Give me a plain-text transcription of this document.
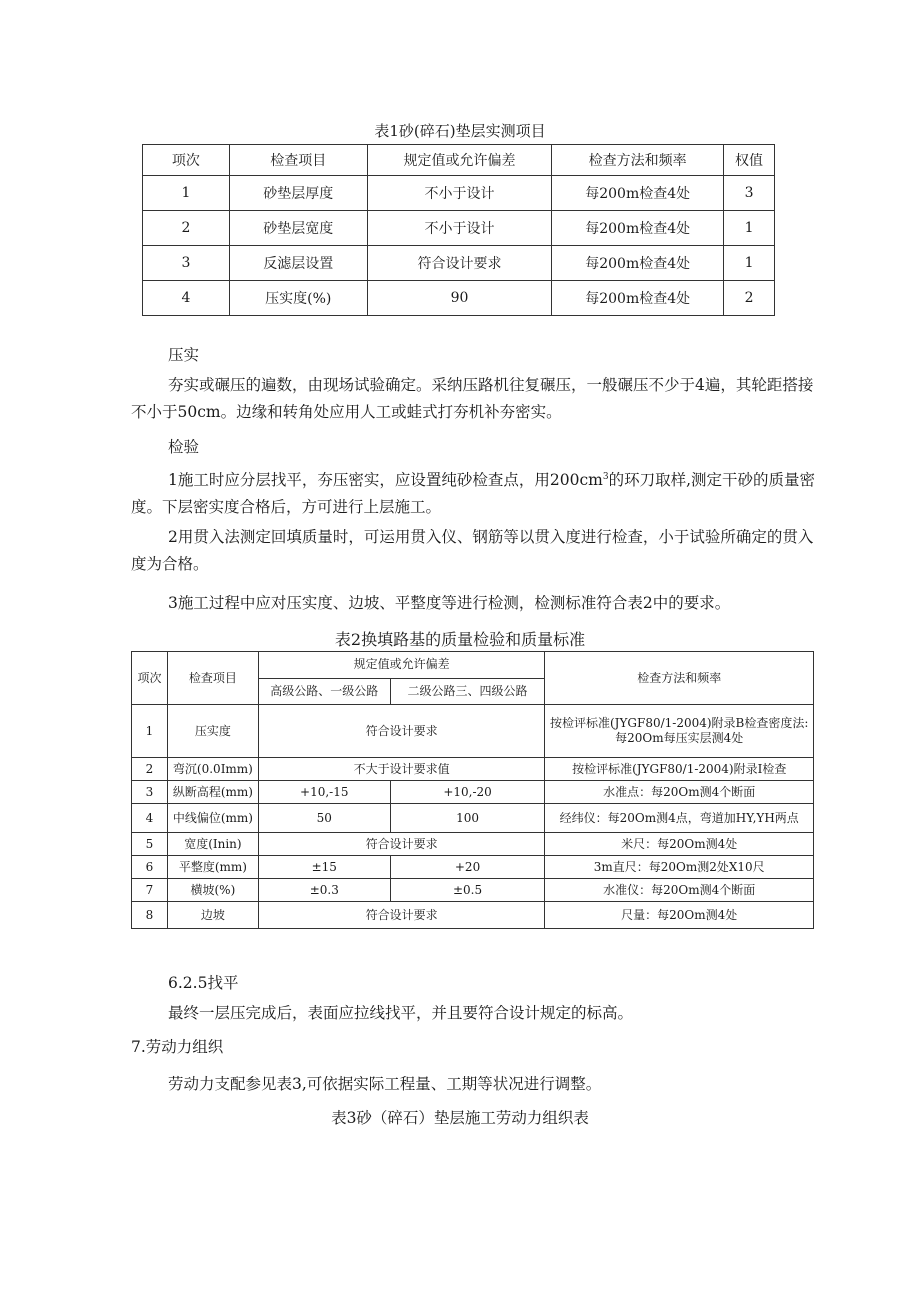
表1砂(碎石)垫层实测项目
项次	检查项目	规定值或允许偏差	检查方法和频率	权值
1	砂垫层厚度	不小于设计	每200m检查4处	3
2	砂垫层宽度	不小于设计	每200m检查4处	1
3	反滤层设置	符合设计要求	每200m检查4处	1
4	压实度(%)	90	每200m检查4处	2
压实
夯实或碾压的遍数，由现场试验确定。采纳压路机往复碾压，一般碾压不少于4遍，其轮距搭接不小于50cm。边缘和转角处应用人工或蛙式打夯机补夯密实。
检验
1施工时应分层找平，夯压密实，应设置纯砂检查点，用$200cm^3$的环刀取样,测定干砂的质量密度。下层密实度合格后，方可进行上层施工。
2用贯入法测定回填质量时，可运用贯入仪、钢筋等以贯入度进行检查，小于试验所确定的贯入度为合格。
3施工过程中应对压实度、边坡、平整度等进行检测，检测标准符合表2中的要求。
表2换填路基的质量检验和质量标准
项次	检查项目	规定值或允许偏差		检查方法和频率
		高级公路、一级公路	二级公路三、四级公路	
1	压实度	符合设计要求		按检评标准(JYGF80/1-2004)附录B检查密度法:每20Om每压实层测4处
2	弯沉(0.0Imm)	不大于设计要求值		按检评标准(JYGF80/1-2004)附录I检查
3	纵断高程(mm)	+10,-15	+10,-20	水准点：每20Om测4个断面
4	中线偏位(mm)	50	100	经纬仪：每20Om测4点，弯道加HY,YH两点
5	宽度(Inin)	符合设计要求		米尺：每20Om测4处
6	平整度(mm)	±15	+20	3m直尺：每20Om测2处X10尺
7	横坡(%)	±0.3	±0.5	水准仪：每20Om测4个断面
8	边坡	符合设计要求		尺量：每20Om测4处
6.2.5找平
最终一层压完成后，表面应拉线找平，并且要符合设计规定的标高。
7.劳动力组织
劳动力支配参见表3,可依据实际工程量、工期等状况进行调整。
表3砂（碎石）垫层施工劳动力组织表
